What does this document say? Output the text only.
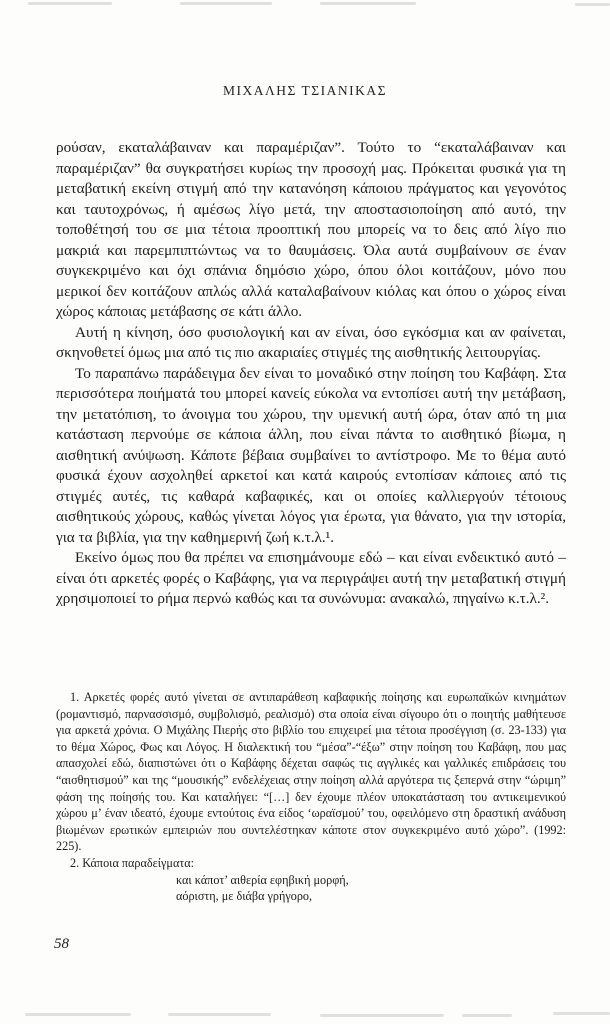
ΜΙΧΑΛΗΣ ΤΣΙΑΝΙΚΑΣ

ρούσαν, εκαταλάβαιναν και παραμέριζαν”. Τούτο το “εκαταλάβαιναν και παραμέριζαν” θα συγκρατήσει κυρίως την προσοχή μας. Πρόκειται φυσικά για τη μεταβατική εκείνη στιγμή από την κατανόηση κάποιου πράγματος και γεγονότος και ταυτοχρόνως, ή αμέσως λίγο μετά, την αποστασιοποίηση από αυτό, την τοποθέτησή του σε μια τέτοια προοπτική που μπορείς να το δεις από λίγο πιο μακριά και παρεμπιπτώντως να το θαυμάσεις. Όλα αυτά συμβαίνουν σε έναν συγκεκριμένο και όχι σπάνια δημόσιο χώρο, όπου όλοι κοιτάζουν, μόνο που μερικοί δεν κοιτάζουν απλώς αλλά καταλαβαίνουν κιόλας και όπου ο χώρος είναι χώρος κάποιας μετάβασης σε κάτι άλλο.

Αυτή η κίνηση, όσο φυσιολογική και αν είναι, όσο εγκόσμια και αν φαίνεται, σκηνοθετεί όμως μια από τις πιο ακαριαίες στιγμές της αισθητικής λειτουργίας.

Το παραπάνω παράδειγμα δεν είναι το μοναδικό στην ποίηση του Καβάφη. Στα περισσότερα ποιήματά του μπορεί κανείς εύκολα να εντοπίσει αυτή την μετάβαση, την μετατόπιση, το άνοιγμα του χώρου, την υμενική αυτή ώρα, όταν από τη μια κατάσταση περνούμε σε κάποια άλλη, που είναι πάντα το αισθητικό βίωμα, η αισθητική ανύψωση. Κάποτε βέβαια συμβαίνει το αντίστροφο. Με το θέμα αυτό φυσικά έχουν ασχοληθεί αρκετοί και κατά καιρούς εντοπίσαν κάποιες από τις στιγμές αυτές, τις καθαρά καβαφικές, και οι οποίες καλλιεργούν τέτοιους αισθητικούς χώρους, καθώς γίνεται λόγος για έρωτα, για θάνατο, για την ιστορία, για τα βιβλία, για την καθημερινή ζωή κ.τ.λ.¹.

Εκείνο όμως που θα πρέπει να επισημάνουμε εδώ – και είναι ενδεικτικό αυτό – είναι ότι αρκετές φορές ο Καβάφης, για να περιγράψει αυτή την μεταβατική στιγμή χρησιμοποιεί το ρήμα περνώ καθώς και τα συνώνυμα: ανακαλώ, πηγαίνω κ.τ.λ.².

1. Αρκετές φορές αυτό γίνεται σε αντιπαράθεση καβαφικής ποίησης και ευρωπαϊκών κινημάτων (ρομαντισμό, παρνασσισμό, συμβολισμό, ρεαλισμό) στα οποία είναι σίγουρο ότι ο ποιητής μαθήτευσε για αρκετά χρόνια. Ο Μιχάλης Πιερής στο βιβλίο του επιχειρεί μια τέτοια προσέγγιση (σ. 23-133) για το θέμα Χώρος, Φως και Λόγος. Η διαλεκτική του “μέσα”-“έξω” στην ποίηση του Καβάφη, που μας απασχολεί εδώ, διαπιστώνει ότι ο Καβάφης δέχεται σαφώς τις αγγλικές και γαλλικές επιδράσεις του “αισθητισμού” και της “μουσικής” ενδελέχειας στην ποίηση αλλά αργότερα τις ξεπερνά στην “ώριμη” φάση της ποίησής του. Και καταλήγει: “[…] δεν έχουμε πλέον υποκατάσταση του αντικειμενικού χώρου μ’ έναν ιδεατό, έχουμε εντούτοις ένα είδος ‘ωραϊσμού’ του, οφειλόμενο στη δραστική ανάδυση βιωμένων ερωτικών εμπειριών που συντελέστηκαν κάποτε στον συγκεκριμένο αυτό χώρο”. (1992: 225).

2. Κάποια παραδείγματα:

και κάποτ’ αιθερία εφηβική μορφή,
αόριστη, με διάβα γρήγορο,
58
